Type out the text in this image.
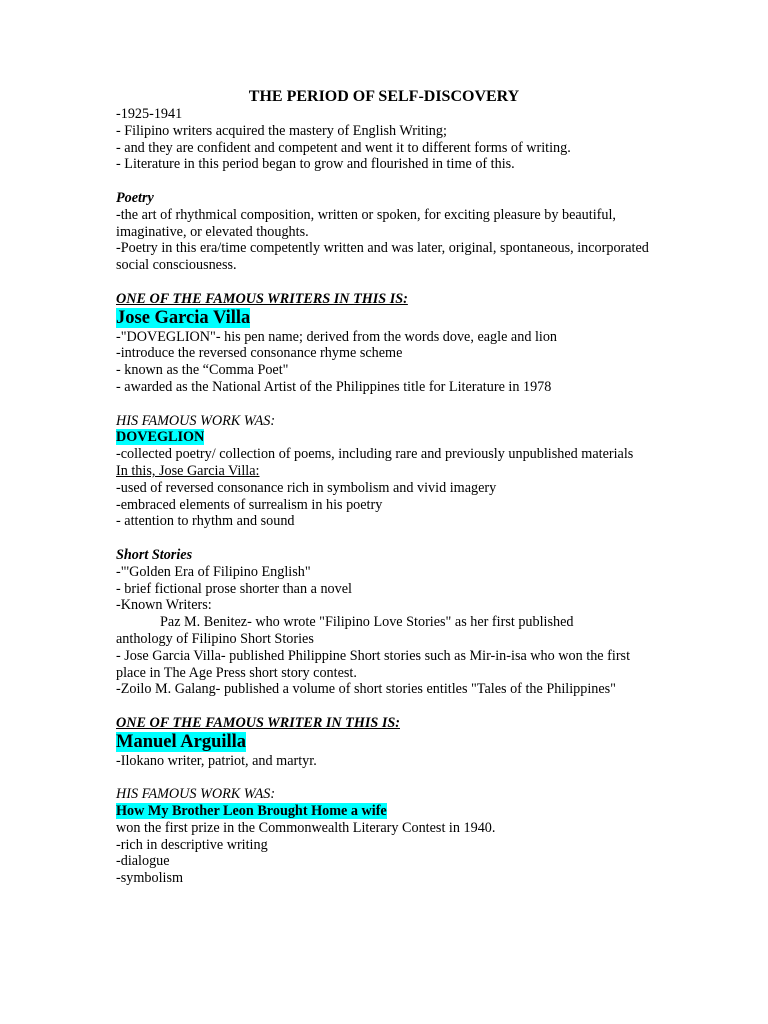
THE PERIOD OF SELF-DISCOVERY
-1925-1941
- Filipino writers acquired the mastery of English Writing;
- and they are confident and competent and went it to different forms of writing.
- Literature in this period began to grow and flourished in time of this.
Poetry
-the art of rhythmical composition, written or spoken, for exciting pleasure by beautiful, imaginative, or elevated thoughts.
-Poetry in this era/time competently written and was later, original, spontaneous, incorporated social consciousness.
ONE OF THE FAMOUS WRITERS IN THIS IS:
Jose Garcia Villa
-"DOVEGLION"- his pen name; derived from the words dove, eagle and lion
-introduce the reversed consonance rhyme scheme
- known as the “Comma Poet"
- awarded as the National Artist of the Philippines title for Literature in 1978
HIS FAMOUS WORK WAS:
DOVEGLION
-collected poetry/ collection of poems, including rare and previously unpublished materials
In this, Jose Garcia Villa:
-used of reversed consonance rich in symbolism and vivid imagery
-embraced elements of surrealism in his poetry
- attention to rhythm and sound
Short Stories
-"'Golden Era of Filipino English"
- brief fictional prose shorter than a novel
-Known Writers:
Paz M. Benitez- who wrote "Filipino Love Stories" as her first published
anthology of Filipino Short Stories
- Jose Garcia Villa- published Philippine Short stories such as Mir-in-isa who won the first place in The Age Press short story contest.
-Zoilo M. Galang- published a volume of short stories entitles "Tales of the Philippines"
ONE OF THE FAMOUS WRITER IN THIS IS:
Manuel Arguilla
-Ilokano writer, patriot, and martyr.
HIS FAMOUS WORK WAS:
How My Brother Leon Brought Home a wife
won the first prize in the Commonwealth Literary Contest in 1940.
-rich in descriptive writing
-dialogue
-symbolism
